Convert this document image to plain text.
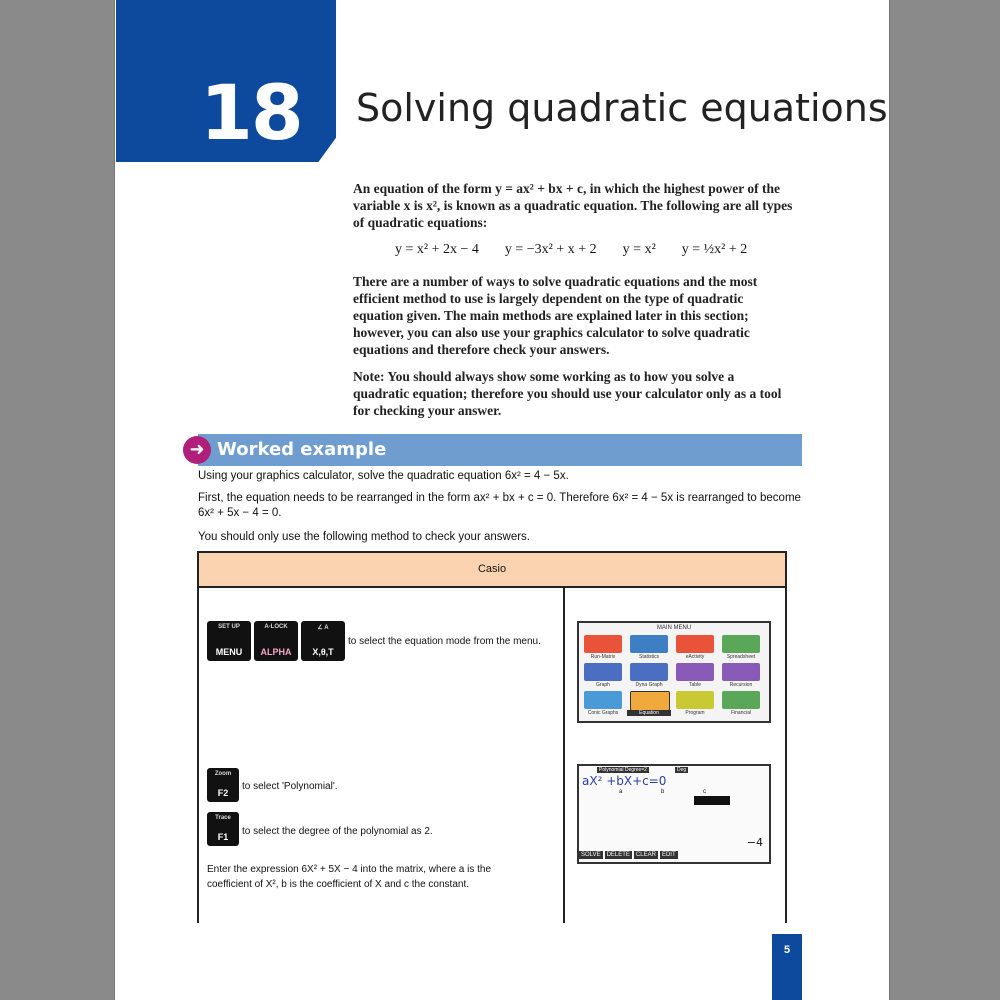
18 Solving quadratic equations
An equation of the form y = ax² + bx + c, in which the highest power of the variable x is x², is known as a quadratic equation. The following are all types of quadratic equations:
y = x² + 2x − 4 y = −3x² + x + 2 y = x² y = ½x² + 2
There are a number of ways to solve quadratic equations and the most efficient method to use is largely dependent on the type of quadratic equation given. The main methods are explained later in this section; however, you can also use your graphics calculator to solve quadratic equations and therefore check your answers.
Note: You should always show some working as to how you solve a quadratic equation; therefore you should use your calculator only as a tool for checking your answer.
➜ Worked example
Using your graphics calculator, solve the quadratic equation 6x² = 4 − 5x.
First, the equation needs to be rearranged in the form ax² + bx + c = 0. Therefore 6x² = 4 − 5x is rearranged to become 6x² + 5x − 4 = 0.
You should only use the following method to check your answers.
Casio
SET UP
MENU
A-LOCK
ALPHA
∠ A
X,θ,T
to select the equation mode from the menu.
Zoom
F2
to select 'Polynomial'.
Trace
F1	to select the degree of the polynomial as 2.
Enter the expression 6X² + 5X − 4 into the matrix, where a is the coefficient of X², b is the coefficient of X and c the constant.
MAIN MENU
Run-Matrix	Statistics	eActivity	Spreadsheet
Graph	Dyna Graph	Table	Recursion
Conic Graphs	Equation	Program	Financial
Polynomial Degree=2	Deg
aX² +bX+c=0
a	b	c
−4
SOLVE	DELETE	CLEAR	EDIT
5
